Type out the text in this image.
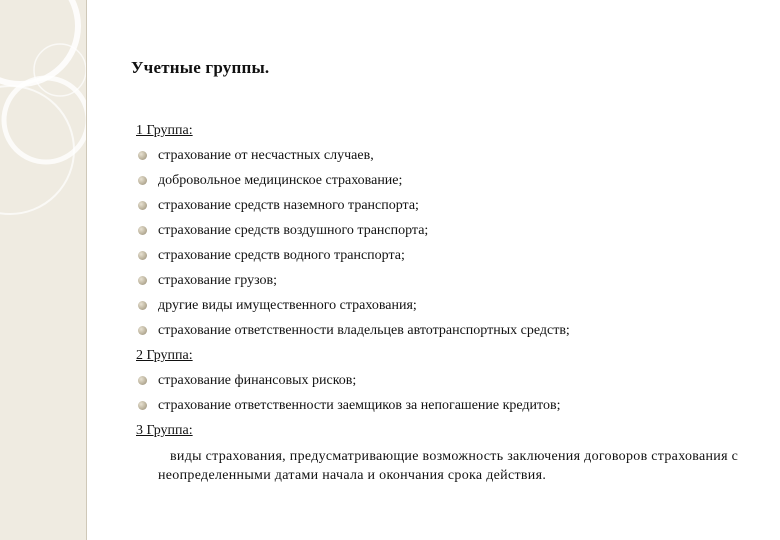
Учетные группы.

1 Группа:

страхование от несчастных случаев,
добровольное медицинское страхование;
страхование средств наземного транспорта;
страхование средств воздушного транспорта;
страхование средств водного транспорта;
страхование грузов;
другие виды имущественного страхования;
страхование ответственности владельцев автотранспортных средств;

2 Группа:

страхование финансовых рисков;
страхование ответственности заемщиков за непогашение кредитов;

3 Группа:

виды страхования, предусматривающие возможность заключения договоров страхования с неопределенными датами начала и окончания срока действия.
